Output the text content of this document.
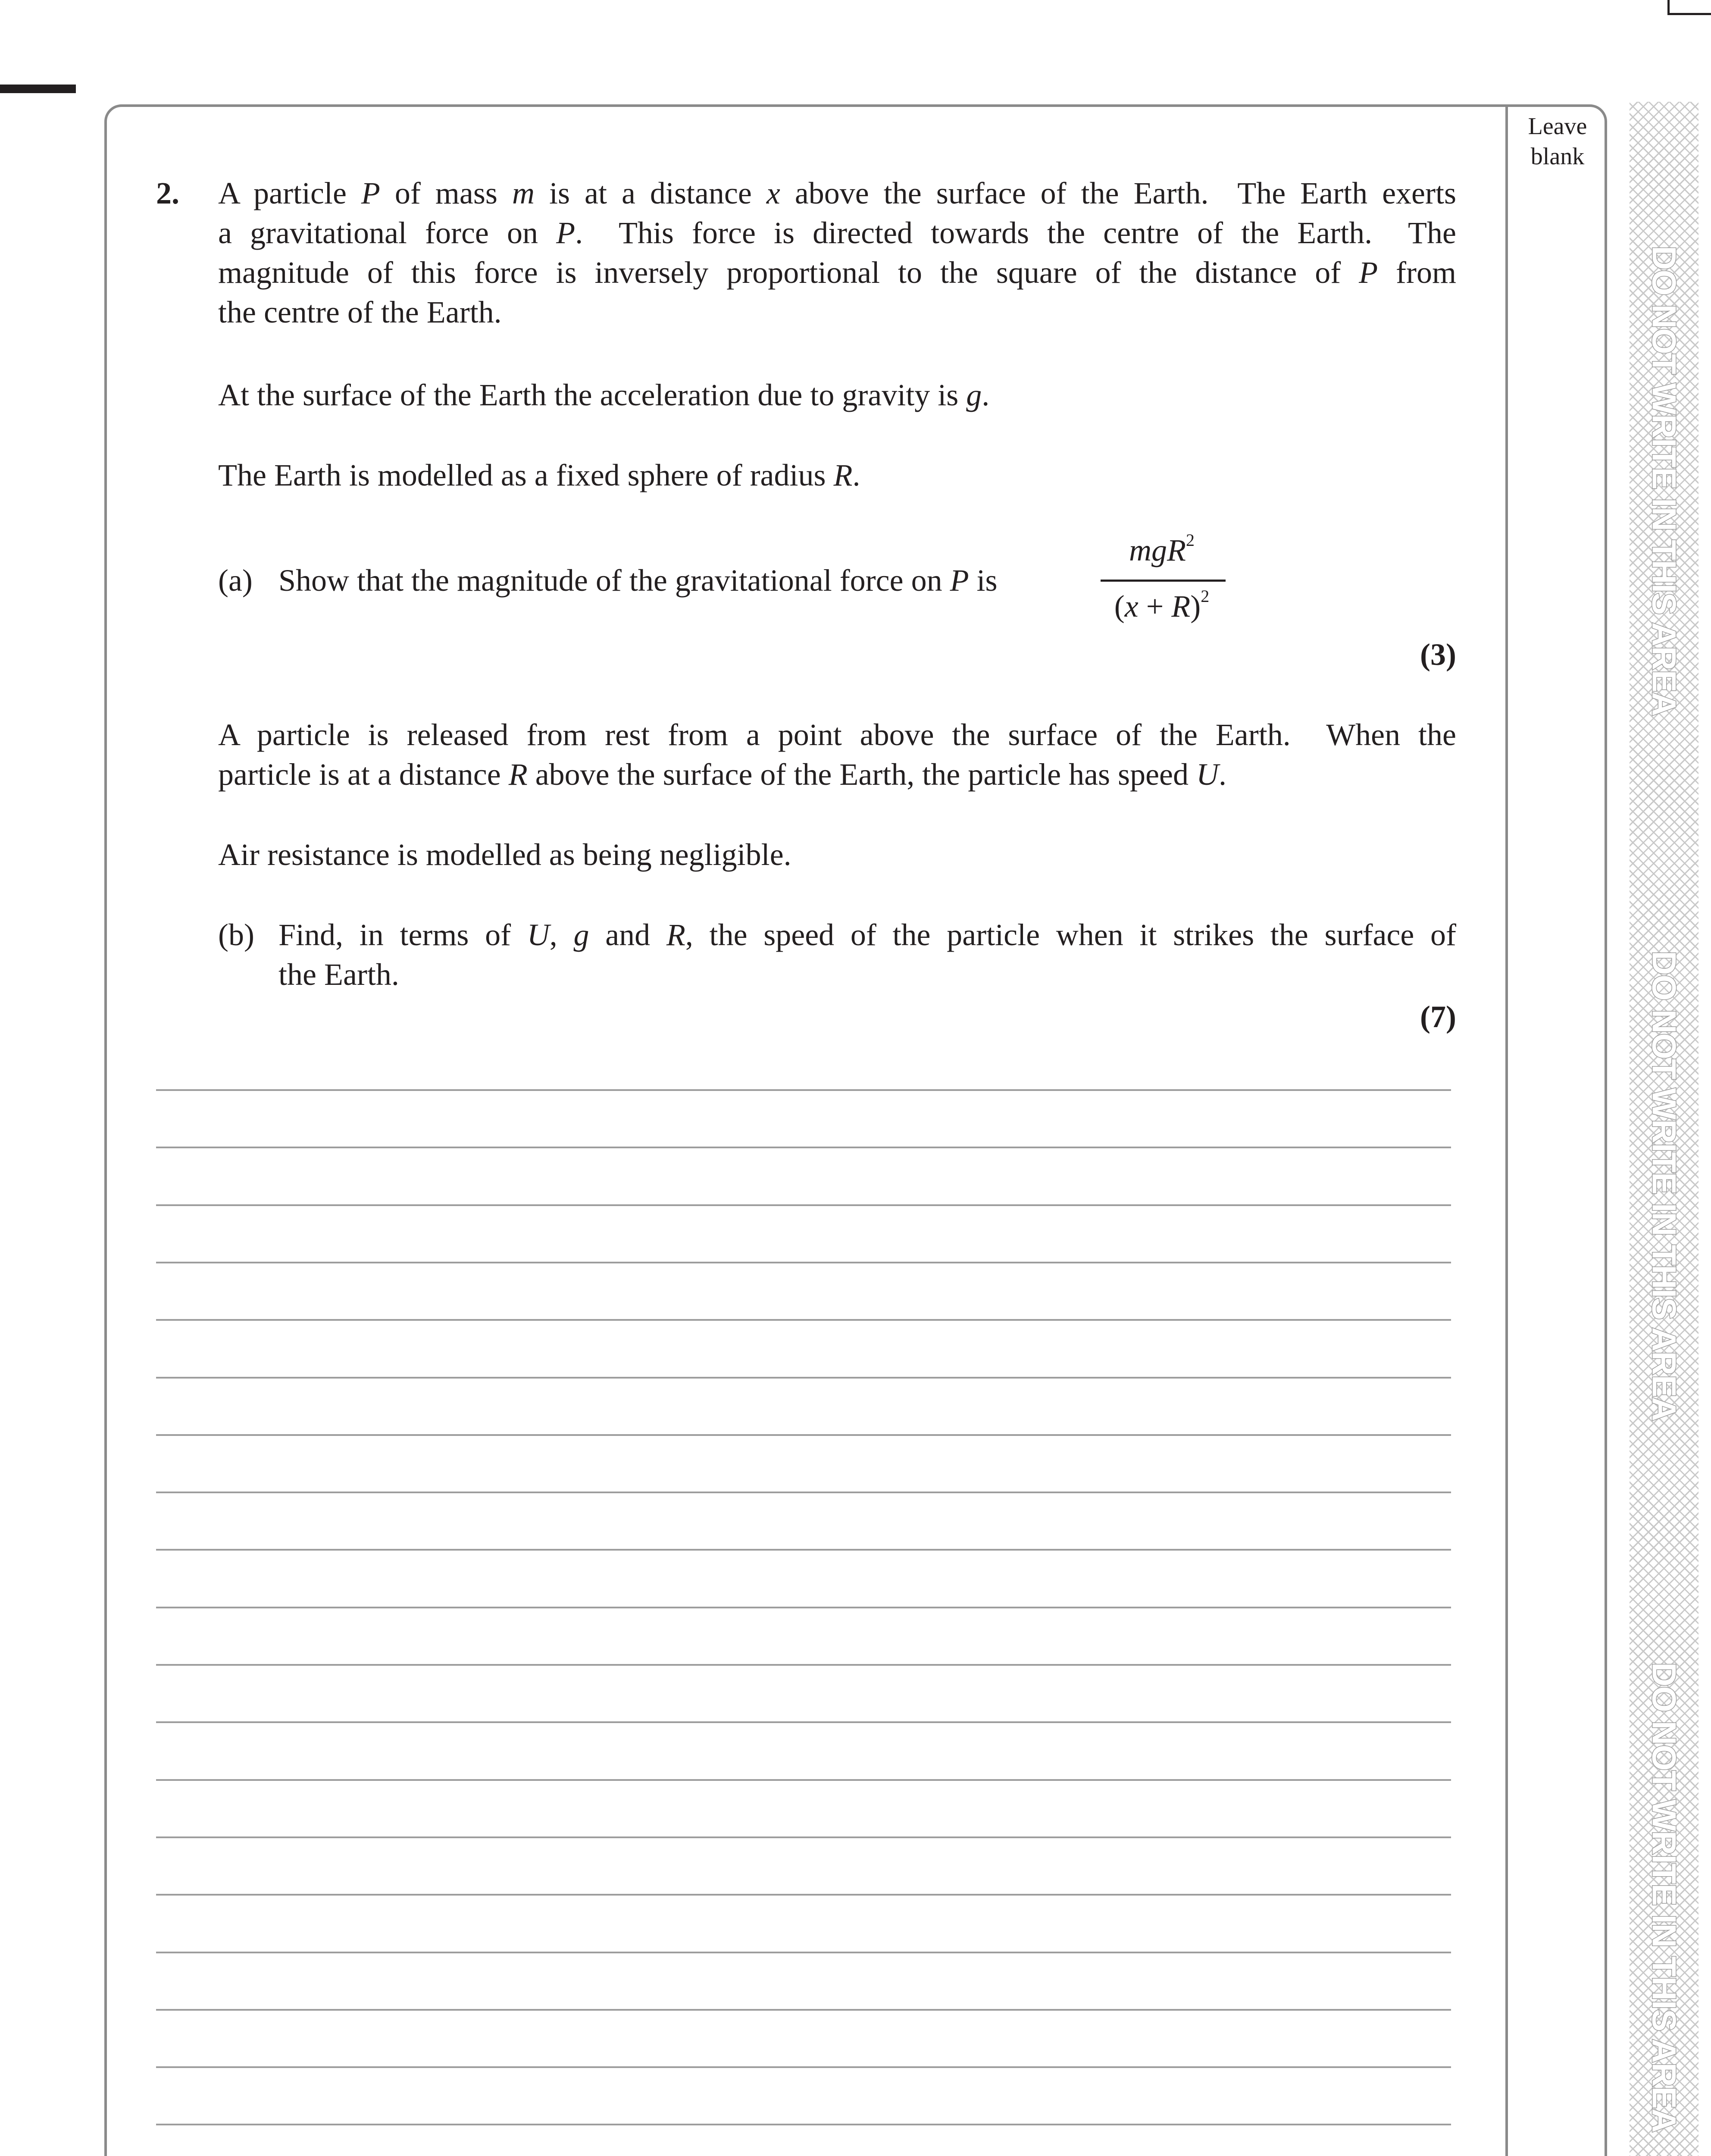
DO NOT WRITE IN THIS AREA
DO NOT WRITE IN THIS AREA
DO NOT WRITE IN THIS AREA
Leave
blank
2. A particle P of mass m is at a distance x above the surface of the Earth.  The Earth exerts
a gravitational force on P.  This force is directed towards the centre of the Earth.  The
magnitude of this force is inversely proportional to the square of the distance of P from
the centre of the Earth.
At the surface of the Earth the acceleration due to gravity is g.
The Earth is modelled as a fixed sphere of radius R.
(a) Show that the magnitude of the gravitational force on P is
mgR$^2$
$(x + R)^2$
(3)
A particle is released from rest from a point above the surface of the Earth.  When the
particle is at a distance R above the surface of the Earth, the particle has speed U.
Air resistance is modelled as being negligible.
(b) Find, in terms of U, g and R, the speed of the particle when it strikes the surface of
the Earth.
(7)
